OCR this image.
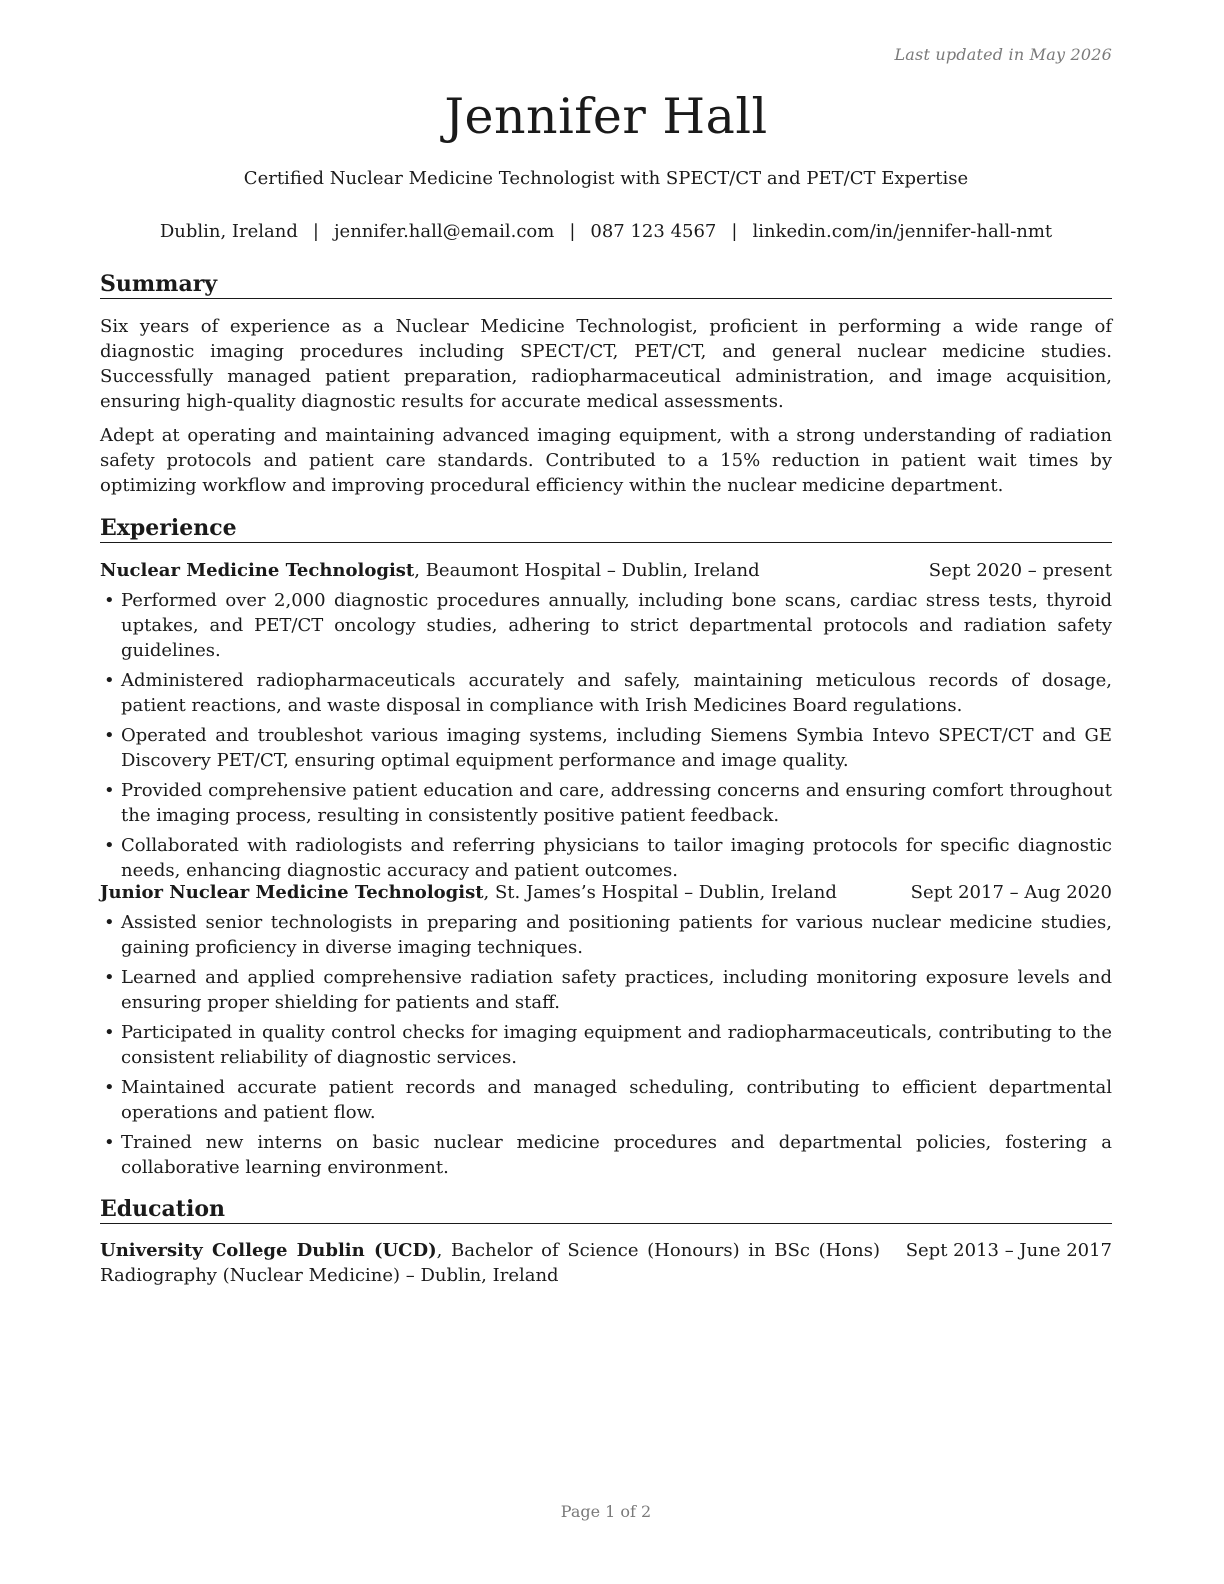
Last updated in May 2026
Jennifer Hall
Certified Nuclear Medicine Technologist with SPECT/CT and PET/CT Expertise
Dublin, Ireland | jennifer.hall@email.com | 087 123 4567 | linkedin.com/in/jennifer-hall-nmt
Summary

Six years of experience as a Nuclear Medicine Technologist, proficient in performing a wide range of diagnostic imaging procedures including SPECT/CT, PET/CT, and general nuclear medicine studies. Successfully managed patient preparation, radiopharmaceutical administration, and image acquisition, ensuring high-quality diagnostic results for accurate medical assessments.

Adept at operating and maintaining advanced imaging equipment, with a strong understanding of radiation safety protocols and patient care standards. Contributed to a 15% reduction in patient wait times by optimizing workflow and improving procedural efficiency within the nuclear medicine department.

Experience
Nuclear Medicine Technologist, Beaumont Hospital – Dublin, Ireland	Sept 2020 – present
• Performed over 2,000 diagnostic procedures annually, including bone scans, cardiac stress tests, thyroid uptakes, and PET/CT oncology studies, adhering to strict departmental protocols and radiation safety guidelines.
• Administered radiopharmaceuticals accurately and safely, maintaining meticulous records of dosage, patient reactions, and waste disposal in compliance with Irish Medicines Board regulations.
• Operated and troubleshot various imaging systems, including Siemens Symbia Intevo SPECT/CT and GE Discovery PET/CT, ensuring optimal equipment performance and image quality.
• Provided comprehensive patient education and care, addressing concerns and ensuring comfort throughout the imaging process, resulting in consistently positive patient feedback.
• Collaborated with radiologists and referring physicians to tailor imaging protocols for specific diagnostic needs, enhancing diagnostic accuracy and patient outcomes.
Junior Nuclear Medicine Technologist, St. James’s Hospital – Dublin, Ireland	Sept 2017 – Aug 2020
• Assisted senior technologists in preparing and positioning patients for various nuclear medicine studies, gaining proficiency in diverse imaging techniques.
• Learned and applied comprehensive radiation safety practices, including monitoring exposure levels and ensuring proper shielding for patients and staff.
• Participated in quality control checks for imaging equipment and radiopharmaceuticals, contributing to the consistent reliability of diagnostic services.
• Maintained accurate patient records and managed scheduling, contributing to efficient departmental operations and patient flow.
• Trained new interns on basic nuclear medicine procedures and departmental policies, fostering a collaborative learning environment.
Education
University College Dublin (UCD), Bachelor of Science (Honours) in BSc (Hons) Radiography (Nuclear Medicine) – Dublin, Ireland
Sept 2013 – June 2017
Page 1 of 2
